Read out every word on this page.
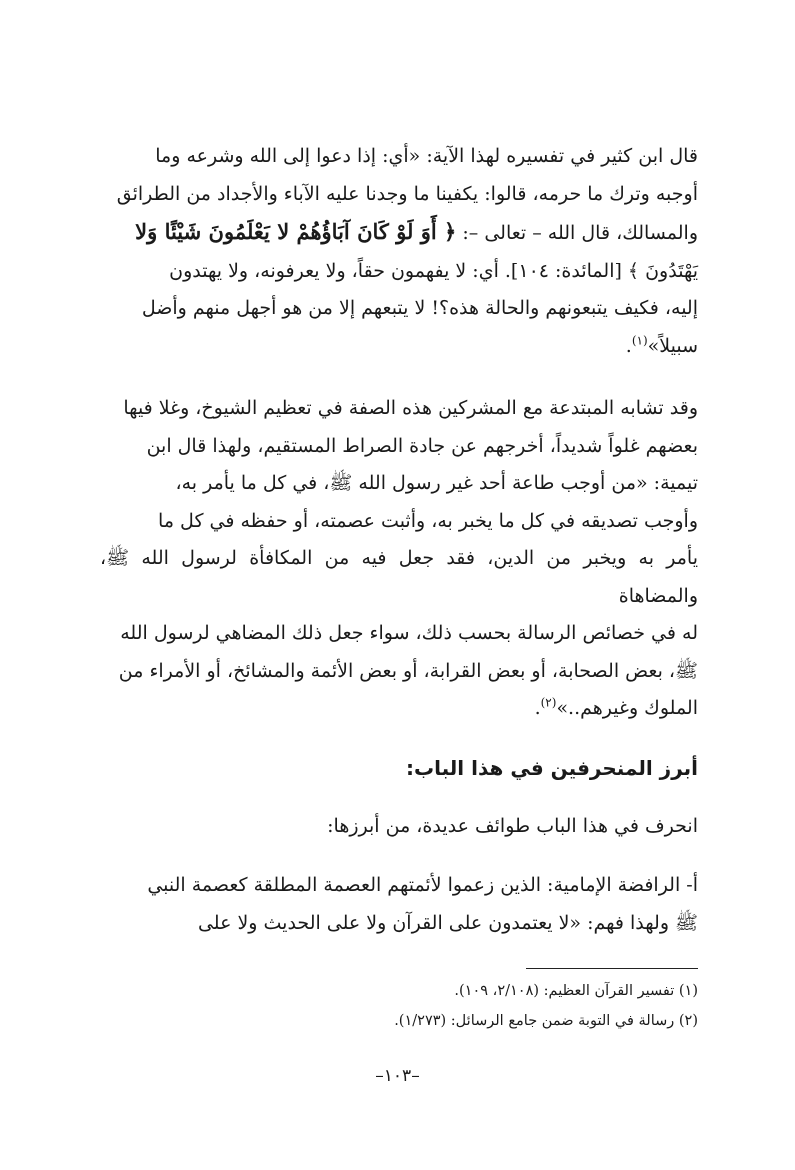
قال ابن كثير في تفسيره لهذا الآية: «أي: إذا دعوا إلى الله وشرعه وما

أوجبه وترك ما حرمه، قالوا: يكفينا ما وجدنا عليه الآباء والأجداد من الطرائق

والمسالك، قال الله – تعالى –: ﴿ أَوَ لَوْ كَانَ آبَاؤُهُمْ لا يَعْلَمُونَ شَيْئًا وَلا

يَهْتَدُونَ ﴾ [المائدة: ١٠٤]. أي: لا يفهمون حقاً، ولا يعرفونه، ولا يهتدون

إليه، فكيف يتبعونهم والحالة هذه؟! لا يتبعهم إلا من هو أجهل منهم وأضل

سبيلاً»$^{(١)}$.

وقد تشابه المبتدعة مع المشركين هذه الصفة في تعظيم الشيوخ، وغلا فيها

بعضهم غلواً شديداً، أخرجهم عن جادة الصراط المستقيم، ولهذا قال ابن

تيمية: «من أوجب طاعة أحد غير رسول الله ﷺ، في كل ما يأمر به،

وأوجب تصديقه في كل ما يخبر به، وأثبت عصمته، أو حفظه في كل ما

يأمر به ويخبر من الدين، فقد جعل فيه من المكافأة لرسول الله ﷺ، والمضاهاة

له في خصائص الرسالة بحسب ذلك، سواء جعل ذلك المضاهي لرسول الله

ﷺ، بعض الصحابة، أو بعض القرابة، أو بعض الأئمة والمشائخ، أو الأمراء من

الملوك وغيرهم..»$^{(٢)}$.

أبرز المنحرفين في هذا الباب:

انحرف في هذا الباب طوائف عديدة، من أبرزها:

أ- الرافضة الإمامية: الذين زعموا لأئمتهم العصمة المطلقة كعصمة النبي

ﷺ ولهذا فهم: «لا يعتمدون على القرآن ولا على الحديث ولا على

(١) تفسير القرآن العظيم: (٢/١٠٨، ١٠٩).
(٢) رسالة في التوبة ضمن جامع الرسائل: (١/٢٧٣).
–١٠٣–
